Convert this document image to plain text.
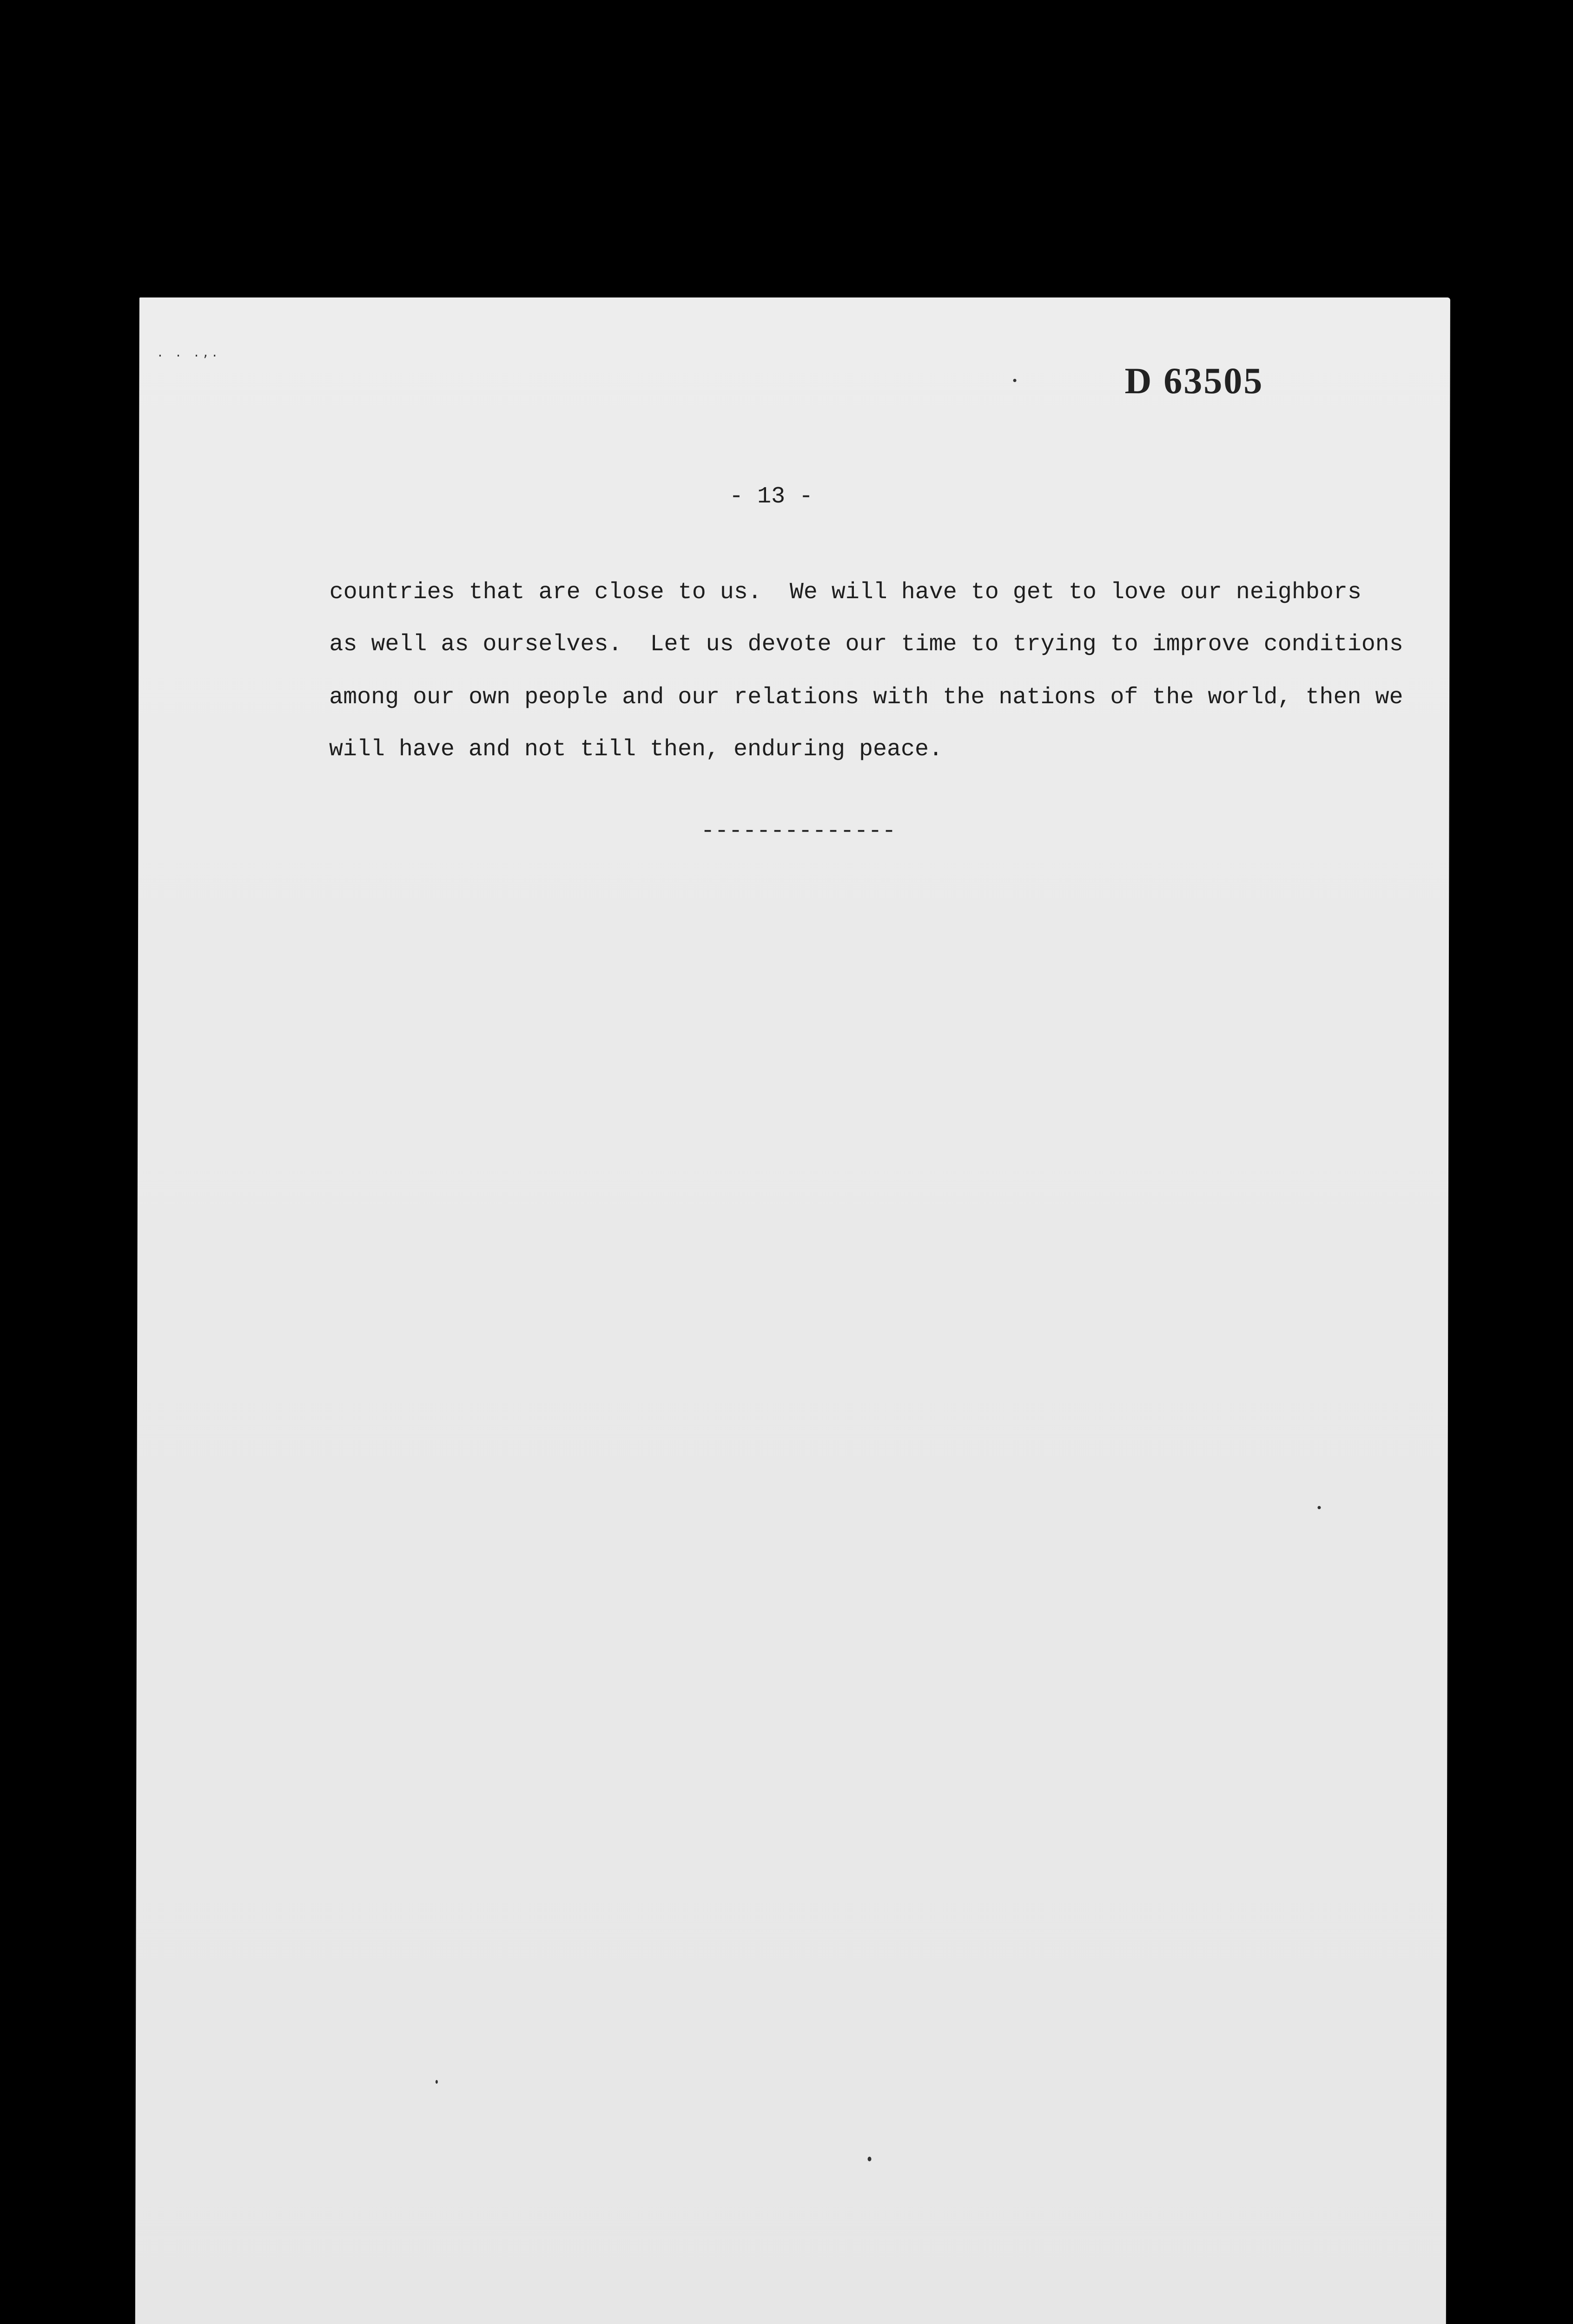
. . .,.
D 63505
- 13 -
countries that are close to us.  We will have to get to love our neighbors
as well as ourselves.  Let us devote our time to trying to improve conditions
among our own people and our relations with the nations of the world, then we
will have and not till then, enduring peace.
--------------
